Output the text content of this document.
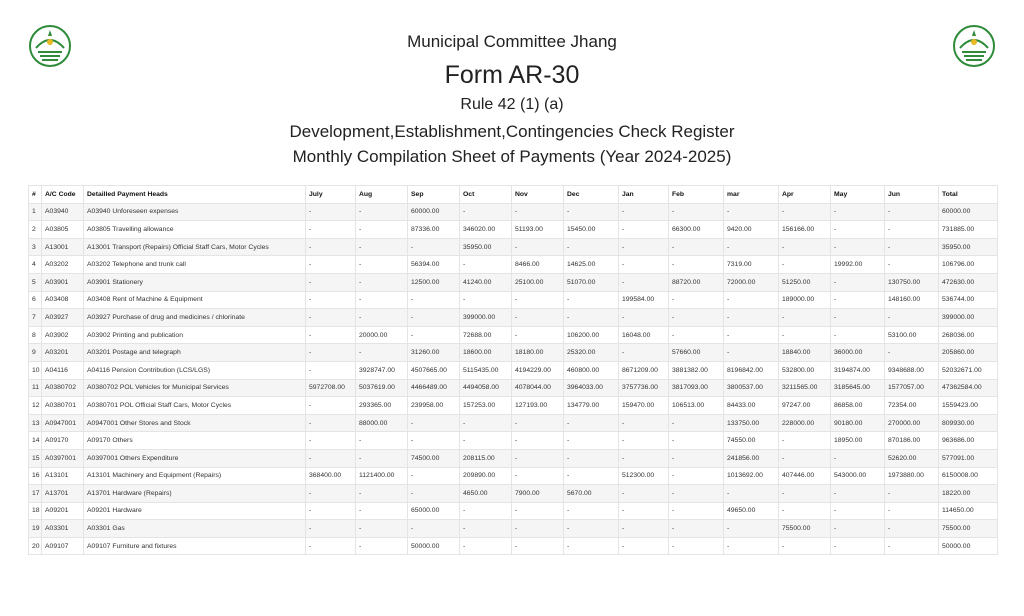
Municipal Committee Jhang
Form AR-30
Rule 42 (1) (a)
Development,Establishment,Contingencies Check Register
Monthly Compilation Sheet of Payments (Year 2024-2025)
#	A/C Code	Detailled Payment Heads	July	Aug	Sep	Oct	Nov	Dec	Jan	Feb	mar	Apr	May	Jun	Total
1	A03940	A03940 Unforeseen expenses	-	-	60000.00	-	-	-	-	-	-	-	-	-	60000.00
2	A03805	A03805 Travelling allowance	-	-	87336.00	346020.00	51193.00	15450.00	-	66300.00	9420.00	156166.00	-	-	731885.00
3	A13001	A13001 Transport (Repairs) Official Staff Cars, Motor Cycles	-	-	-	35950.00	-	-	-	-	-	-	-	-	35950.00
4	A03202	A03202 Telephone and trunk call	-	-	56394.00	-	8466.00	14625.00	-	-	7319.00	-	19992.00	-	106796.00
5	A03901	A03901 Stationery	-	-	12500.00	41240.00	25100.00	51070.00	-	88720.00	72000.00	51250.00	-	130750.00	472630.00
6	A03408	A03408 Rent of Machine & Equipment	-	-	-	-	-	-	199584.00	-	-	189000.00	-	148160.00	536744.00
7	A03927	A03927 Purchase of drug and medicines / chlorinate	-	-	-	399000.00	-	-	-	-	-	-	-	-	399000.00
8	A03902	A03902 Printing and publication	-	20000.00	-	72688.00	-	106200.00	16048.00	-	-	-	-	53100.00	268036.00
9	A03201	A03201 Postage and telegraph	-	-	31260.00	18600.00	18180.00	25320.00	-	57660.00	-	18840.00	36000.00	-	205860.00
10	A04116	A04116 Pension Contribution (LCS/LGS)	-	3928747.00	4507665.00	5115435.00	4194229.00	460800.00	8671209.00	3881382.00	8196842.00	532800.00	3194874.00	9348688.00	52032671.00
11	A0380702	A0380702 POL Vehicles for Municipal Services	5972708.00	5037619.00	4466489.00	4494058.00	4078044.00	3964033.00	3757736.00	3817093.00	3800537.00	3211565.00	3185645.00	1577057.00	47362584.00
12	A0380701	A0380701 POL Official Staff Cars, Motor Cycles	-	293365.00	239958.00	157253.00	127193.00	134779.00	159470.00	106513.00	84433.00	97247.00	86858.00	72354.00	1559423.00
13	A0947001	A0947001 Other Stores and Stock	-	88000.00	-	-	-	-	-	-	133750.00	228000.00	90180.00	270000.00	809930.00
14	A09170	A09170 Others	-	-	-	-	-	-	-	-	74550.00	-	18950.00	870186.00	963686.00
15	A0397001	A0397001 Others Expenditure	-	-	74500.00	208115.00	-	-	-	-	241856.00	-	-	52620.00	577091.00
16	A13101	A13101 Machinery and Equipment (Repairs)	368400.00	1121400.00	-	209890.00	-	-	512300.00	-	1013692.00	407446.00	543000.00	1973880.00	6150008.00
17	A13701	A13701 Hardware (Repairs)	-	-	-	4650.00	7900.00	5670.00	-	-	-	-	-	-	18220.00
18	A09201	A09201 Hardware	-	-	65000.00	-	-	-	-	-	49650.00	-	-	-	114650.00
19	A03301	A03301 Gas	-	-	-	-	-	-	-	-	-	75500.00	-	-	75500.00
20	A09107	A09107 Furniture and fixtures	-	-	50000.00	-	-	-	-	-	-	-	-	-	50000.00
